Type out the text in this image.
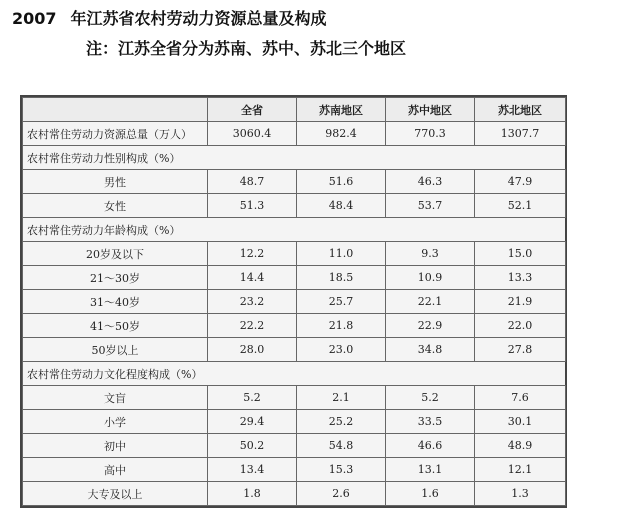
2007 年江苏省农村劳动力资源总量及构成
注：江苏全省分为苏南、苏中、苏北三个地区
	全省	苏南地区	苏中地区	苏北地区
农村常住劳动力资源总量（万人）	3060.4	982.4	770.3	1307.7
农村常住劳动力性别构成（%）				
男性	48.7	51.6	46.3	47.9
女性	51.3	48.4	53.7	52.1
农村常住劳动力年龄构成（%）				
20岁及以下	12.2	11.0	9.3	15.0
21～30岁	14.4	18.5	10.9	13.3
31～40岁	23.2	25.7	22.1	21.9
41～50岁	22.2	21.8	22.9	22.0
50岁以上	28.0	23.0	34.8	27.8
农村常住劳动力文化程度构成（%）				
文盲	5.2	2.1	5.2	7.6
小学	29.4	25.2	33.5	30.1
初中	50.2	54.8	46.6	48.9
高中	13.4	15.3	13.1	12.1
大专及以上	1.8	2.6	1.6	1.3
